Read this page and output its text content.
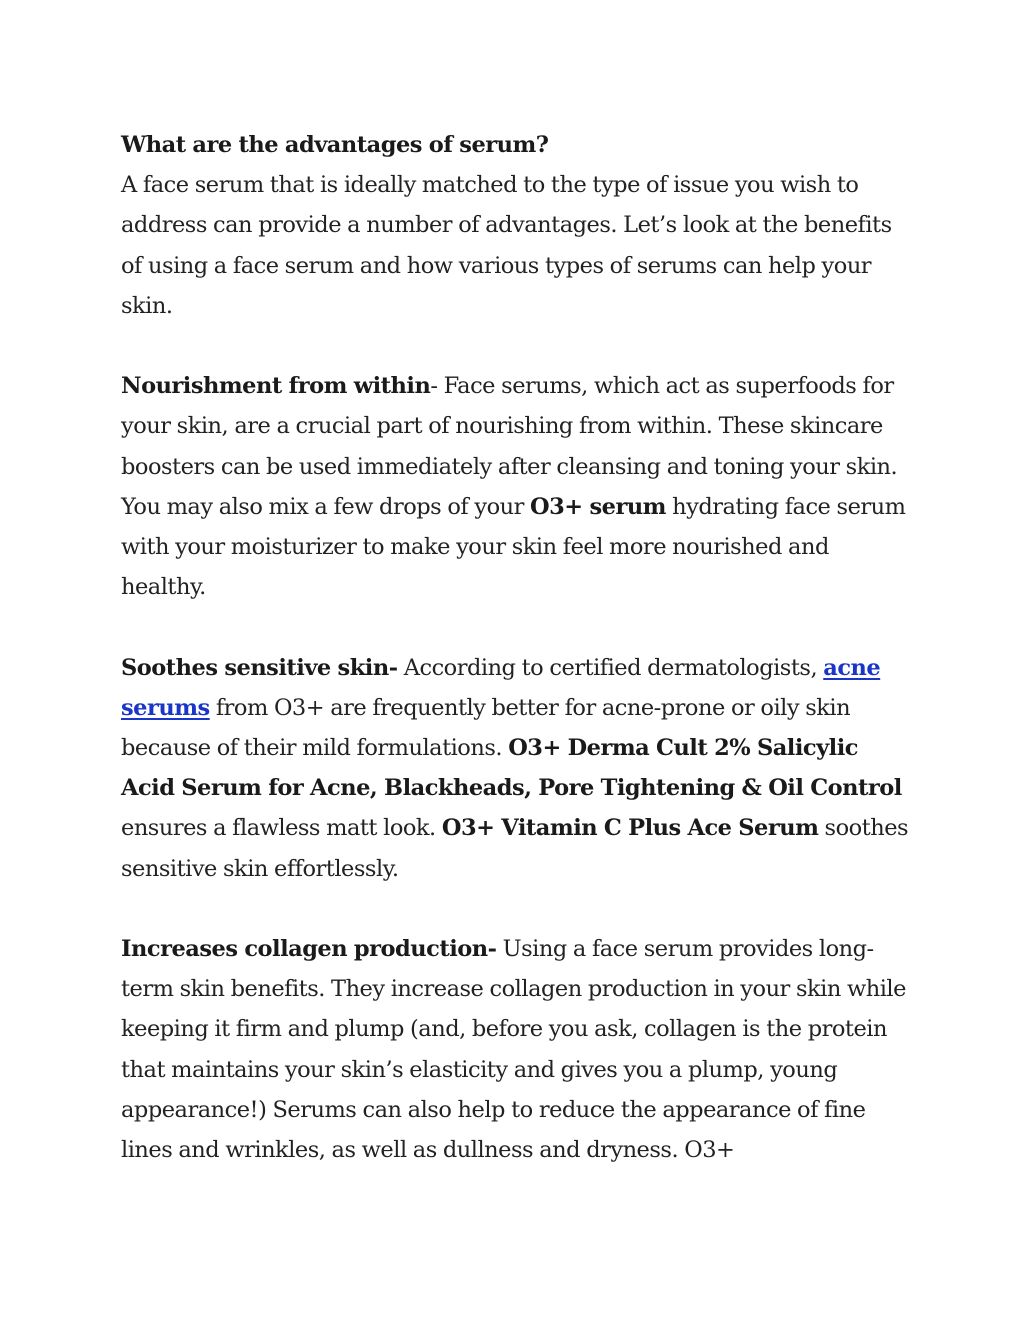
What are the advantages of serum?
A face serum that is ideally matched to the type of issue you wish to address can provide a number of advantages. Let’s look at the benefits of using a face serum and how various types of serums can help your skin.

Nourishment from within- Face serums, which act as superfoods for your skin, are a crucial part of nourishing from within. These skincare boosters can be used immediately after cleansing and toning your skin. You may also mix a few drops of your O3+ serum hydrating face serum with your moisturizer to make your skin feel more nourished and healthy.

Soothes sensitive skin- According to certified dermatologists, acne serums from O3+ are frequently better for acne-prone or oily skin because of their mild formulations. O3+ Derma Cult 2% Salicylic Acid Serum for Acne, Blackheads, Pore Tightening & Oil Control ensures a flawless matt look. O3+ Vitamin C Plus Ace Serum soothes sensitive skin effortlessly.

Increases collagen production- Using a face serum provides long-term skin benefits. They increase collagen production in your skin while keeping it firm and plump (and, before you ask, collagen is the protein that maintains your skin’s elasticity and gives you a plump, young appearance!) Serums can also help to reduce the appearance of fine lines and wrinkles, as well as dullness and dryness. O3+
